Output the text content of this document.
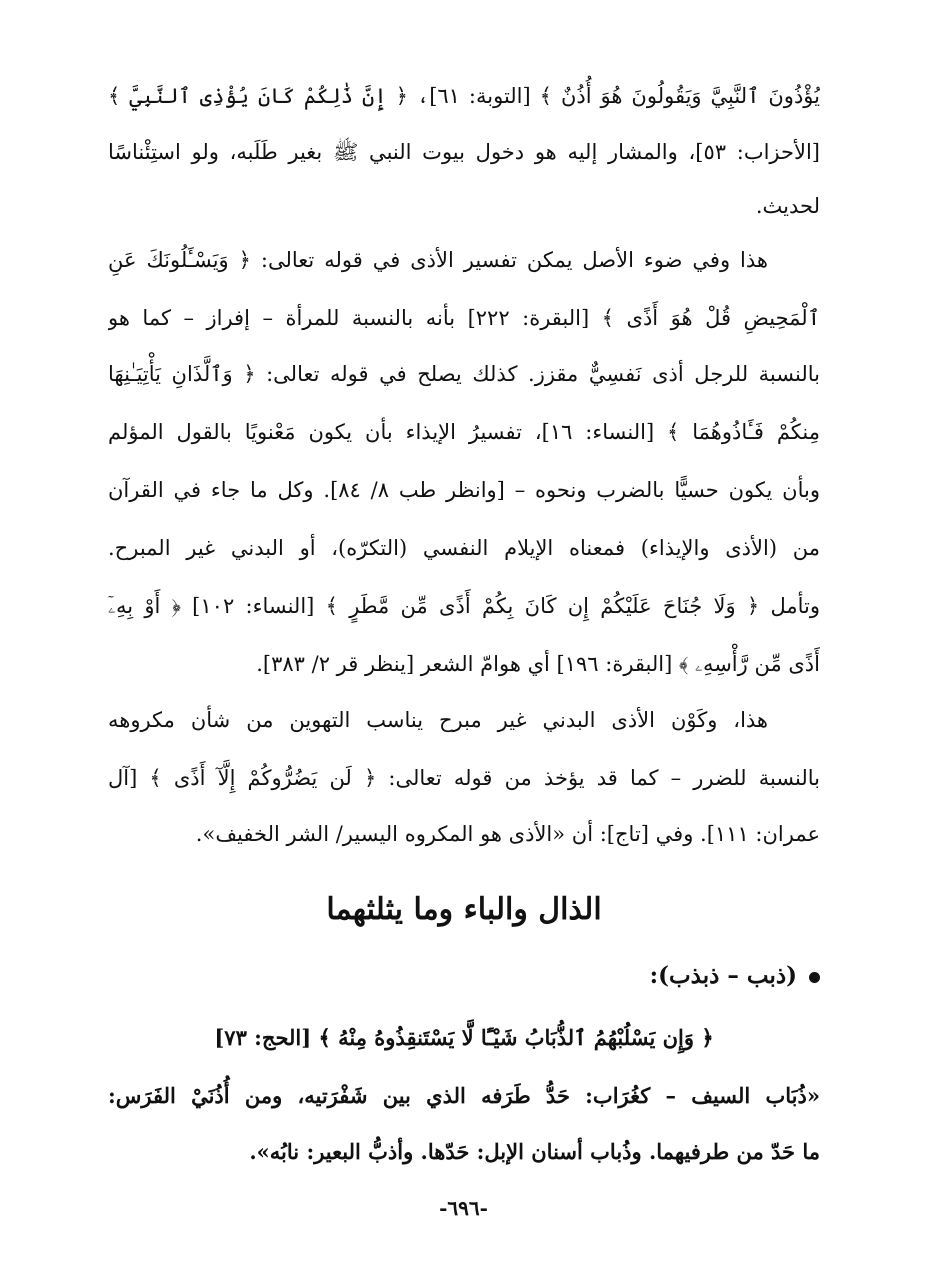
يُؤْذُونَ ٱلنَّبِيَّ وَيَقُولُونَ هُوَ أُذُنٌ ﴾ [التوبة: ٦١]، ﴿ إِنَّ ذَٰلِكُمْ كَانَ يُؤْذِى ٱلنَّبِيَّ ﴾
[الأحزاب: ٥٣]، والمشار إليه هو دخول بيوت النبي ﷺ بغير طَلَبه، ولو استِئْناسًا
لحديث.
هذا وفي ضوء الأصل يمكن تفسير الأذى في قوله تعالى: ﴿ وَيَسْـَٔلُونَكَ عَنِ
ٱلْمَحِيضِ قُلْ هُوَ أَذًى ﴾ [البقرة: ٢٢٢] بأنه بالنسبة للمرأة – إفراز – كما هو
بالنسبة للرجل أذى نَفسِيٌّ مقزز. كذلك يصلح في قوله تعالى: ﴿ وَٱلَّذَانِ يَأْتِيَـٰنِهَا
مِنكُمْ فَـَٔاذُوهُمَا ﴾ [النساء: ١٦]، تفسيرُ الإيذاء بأن يكون مَعْنويًا بالقول المؤلم
وبأن يكون حسيًّا بالضرب ونحوه – [وانظر طب ٨/ ٨٤]. وكل ما جاء في القرآن
من (الأذى والإيذاء) فمعناه الإيلام النفسي (التكرّه)، أو البدني غير المبرح.
وتأمل ﴿ وَلَا جُنَاحَ عَلَيْكُمْ إِن كَانَ بِكُمْ أَذًى مِّن مَّطَرٍ ﴾ [النساء: ١٠٢] ﴿ أَوْ بِهِۦٓ
أَذًى مِّن رَّأْسِهِۦ ﴾ [البقرة: ١٩٦] أي هوامّ الشعر [ينظر قر ٢/ ٣٨٣].
هذا، وكَوْن الأذى البدني غير مبرح يناسب التهوين من شأن مكروهه
بالنسبة للضرر – كما قد يؤخذ من قوله تعالى: ﴿ لَن يَضُرُّوكُمْ إِلَّآ أَذًى ﴾ [آل
عمران: ١١١]. وفي [تاج]: أن «الأذى هو المكروه اليسير/ الشر الخفيف».
الذال والباء وما يثلثهما
(ذبب – ذبذب):
﴿ وَإِن يَسْلُبْهُمُ ٱلذُّبَابُ شَيْـًٔا لَّا يَسْتَنقِذُوهُ مِنْهُ ﴾ [الحج: ٧٣]
«ذُبَاب السيف – كغُرَاب: حَدُّ طَرَفه الذي بين شَفْرَتيه، ومن أُذُنَيْ الفَرَس:
ما حَدّ من طرفيهما. وذُباب أسنان الإبل: حَدّها. وأذبُّ البعير: نابُه».
-٦٩٦-
